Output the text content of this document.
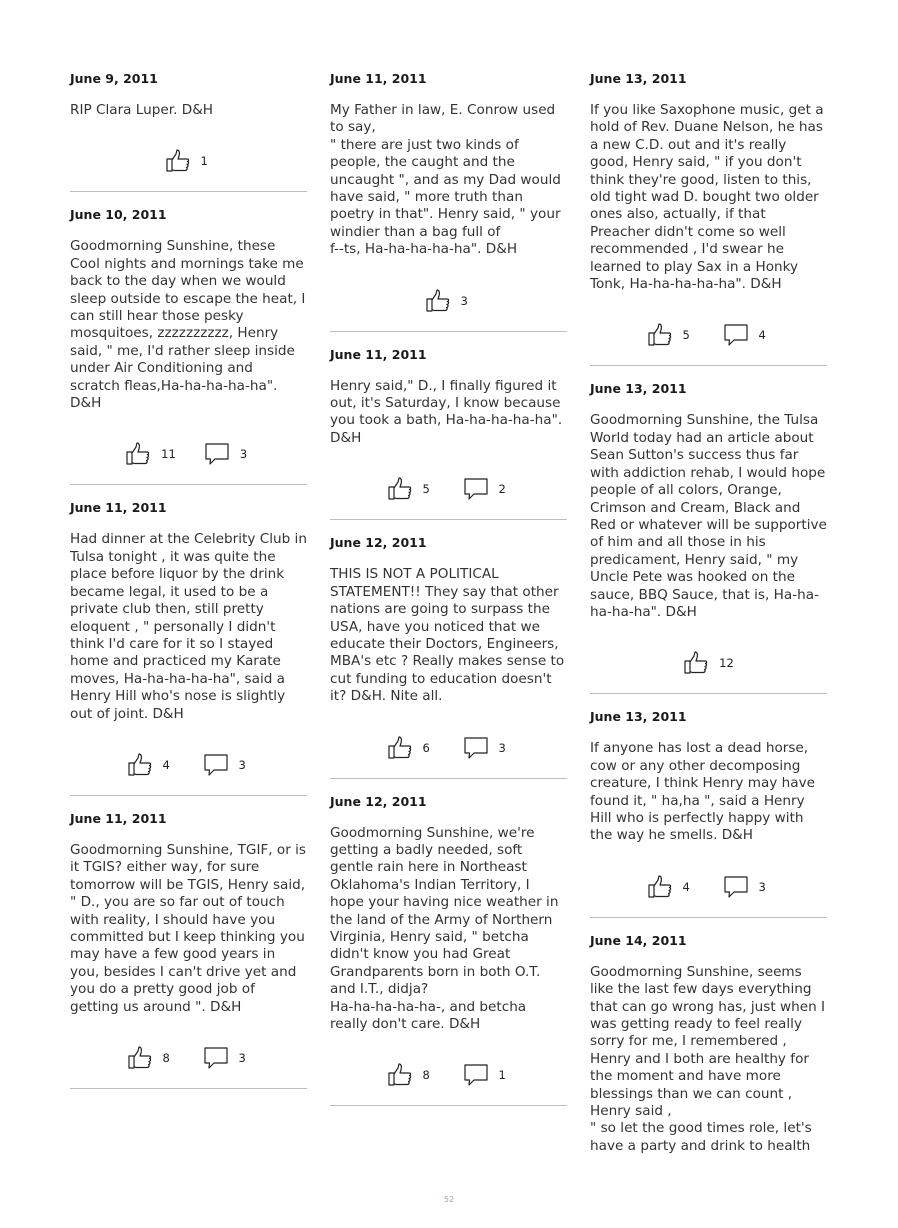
June 9, 2011
RIP Clara Luper. D&H
1
June 10, 2011
Goodmorning Sunshine, these Cool nights and mornings take me back to the day when we would sleep outside to escape the heat, I can still hear those pesky mosquitoes, zzzzzzzzzz, Henry said, " me, I'd rather sleep inside under Air Conditioning and scratch fleas,Ha-ha-ha-ha-ha". D&H
11	3
June 11, 2011
Had dinner at the Celebrity Club in Tulsa tonight , it was quite the place before liquor by the drink became legal, it used to be a private club then, still pretty eloquent , " personally I didn't think I'd care for it so I stayed home and practiced my Karate moves, Ha-ha-ha-ha-ha", said a Henry Hill who's nose is slightly out of joint. D&H
4	3
June 11, 2011
Goodmorning Sunshine, TGIF, or is it TGIS? either way, for sure tomorrow will be TGIS, Henry said, " D., you are so far out of touch with reality, I should have you committed but I keep thinking you may have a few good years in you, besides I can't drive yet and you do a pretty good job of getting us around ". D&H
8	3
June 11, 2011
My Father in law, E. Conrow used to say,
" there are just two kinds of people, the caught and the uncaught ", and as my Dad would have said, " more truth than poetry in that". Henry said, " your windier than a bag full of
f--ts, Ha-ha-ha-ha-ha". D&H
3
June 11, 2011
Henry said," D., I finally figured it out, it's Saturday, I know because you took a bath, Ha-ha-ha-ha-ha". D&H
5	2
June 12, 2011
THIS IS NOT A POLITICAL STATEMENT!! They say that other nations are going to surpass the USA, have you noticed that we educate their Doctors, Engineers, MBA's etc ? Really makes sense to cut funding to education doesn't it? D&H. Nite all.
6	3
June 12, 2011
Goodmorning Sunshine, we're getting a badly needed, soft gentle rain here in Northeast Oklahoma's Indian Territory, I hope your having nice weather in the land of the Army of Northern Virginia, Henry said, " betcha didn't know you had Great Grandparents born in both O.T. and I.T., didja?
Ha-ha-ha-ha-ha-, and betcha really don't care. D&H
8	1
June 13, 2011
If you like Saxophone music, get a hold of Rev. Duane Nelson, he has a new C.D. out and it's really good, Henry said, " if you don't think they're good, listen to this, old tight wad D. bought two older ones also, actually, if that Preacher didn't come so well recommended , I'd swear he learned to play Sax in a Honky Tonk, Ha-ha-ha-ha-ha". D&H
5	4
June 13, 2011
Goodmorning Sunshine, the Tulsa World today had an article about Sean Sutton's success thus far with addiction rehab, I would hope people of all colors, Orange, Crimson and Cream, Black and Red or whatever will be supportive of him and all those in his predicament, Henry said, " my Uncle Pete was hooked on the sauce, BBQ Sauce, that is, Ha-ha-ha-ha-ha". D&H
12
June 13, 2011
If anyone has lost a dead horse, cow or any other decomposing creature, I think Henry may have found it, " ha,ha ", said a Henry Hill who is perfectly happy with the way he smells. D&H
4	3
June 14, 2011
Goodmorning Sunshine, seems like the last few days everything that can go wrong has, just when I was getting ready to feel really sorry for me, I remembered ,
Henry and I both are healthy for the moment and have more blessings than we can count ,
Henry said ,
" so let the good times role, let's have a party and drink to health
52
